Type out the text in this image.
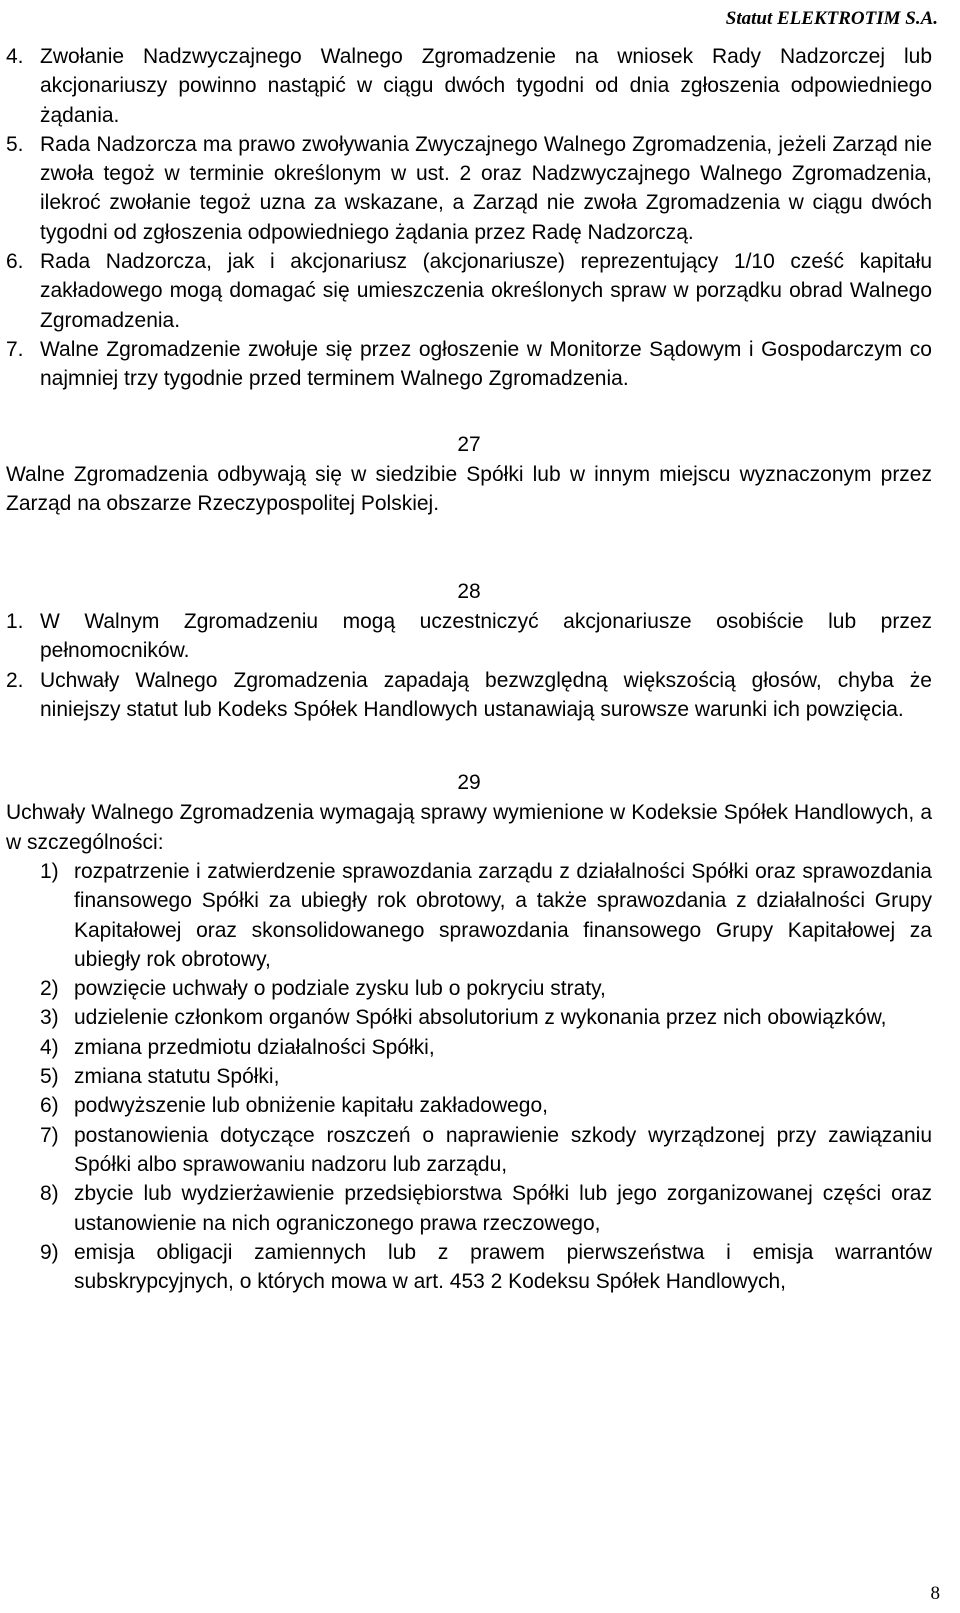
Statut ELEKTROTIM S.A.
4. Zwołanie Nadzwyczajnego Walnego Zgromadzenie na wniosek Rady Nadzorczej lub akcjonariuszy powinno nastąpić w ciągu dwóch tygodni od dnia zgłoszenia odpowiedniego żądania.
5. Rada Nadzorcza ma prawo zwoływania Zwyczajnego Walnego Zgromadzenia, jeżeli Zarząd nie zwoła tegoż w terminie określonym w ust. 2 oraz Nadzwyczajnego Walnego Zgromadzenia, ilekroć zwołanie tegoż uzna za wskazane, a Zarząd nie zwoła Zgromadzenia w ciągu dwóch tygodni od zgłoszenia odpowiedniego żądania przez Radę Nadzorczą.
6. Rada Nadzorcza, jak i akcjonariusz (akcjonariusze) reprezentujący 1/10 cześć kapitału zakładowego mogą domagać się umieszczenia określonych spraw w porządku obrad Walnego Zgromadzenia.
7. Walne Zgromadzenie zwołuje się przez ogłoszenie w Monitorze Sądowym i Gospodarczym co najmniej trzy tygodnie przed terminem Walnego Zgromadzenia.

27

Walne Zgromadzenia odbywają się w siedzibie Spółki lub w innym miejscu wyznaczonym przez Zarząd na obszarze Rzeczypospolitej Polskiej.

28

1. W Walnym Zgromadzeniu mogą uczestniczyć akcjonariusze osobiście lub przez pełnomocników.
2. Uchwały Walnego Zgromadzenia zapadają bezwzględną większością głosów, chyba że niniejszy statut lub Kodeks Spółek Handlowych ustanawiają surowsze warunki ich powzięcia.

29

Uchwały Walnego Zgromadzenia wymagają sprawy wymienione w Kodeksie Spółek Handlowych, a w szczególności:

1) rozpatrzenie i zatwierdzenie sprawozdania zarządu z działalności Spółki oraz sprawozdania finansowego Spółki za ubiegły rok obrotowy, a także sprawozdania z działalności Grupy Kapitałowej oraz skonsolidowanego sprawozdania finansowego Grupy Kapitałowej za ubiegły rok obrotowy,
2) powzięcie uchwały o podziale zysku lub o pokryciu straty,
3) udzielenie członkom organów Spółki absolutorium z wykonania przez nich obowiązków,
4) zmiana przedmiotu działalności Spółki,
5) zmiana statutu Spółki,
6) podwyższenie lub obniżenie kapitału zakładowego,
7) postanowienia dotyczące roszczeń o naprawienie szkody wyrządzonej przy zawiązaniu Spółki albo sprawowaniu nadzoru lub zarządu,
8) zbycie lub wydzierżawienie przedsiębiorstwa Spółki lub jego zorganizowanej części oraz ustanowienie na nich ograniczonego prawa rzeczowego,
9) emisja obligacji zamiennych lub z prawem pierwszeństwa i emisja warrantów subskrypcyjnych, o których mowa w art. 453 2 Kodeksu Spółek Handlowych,
8
